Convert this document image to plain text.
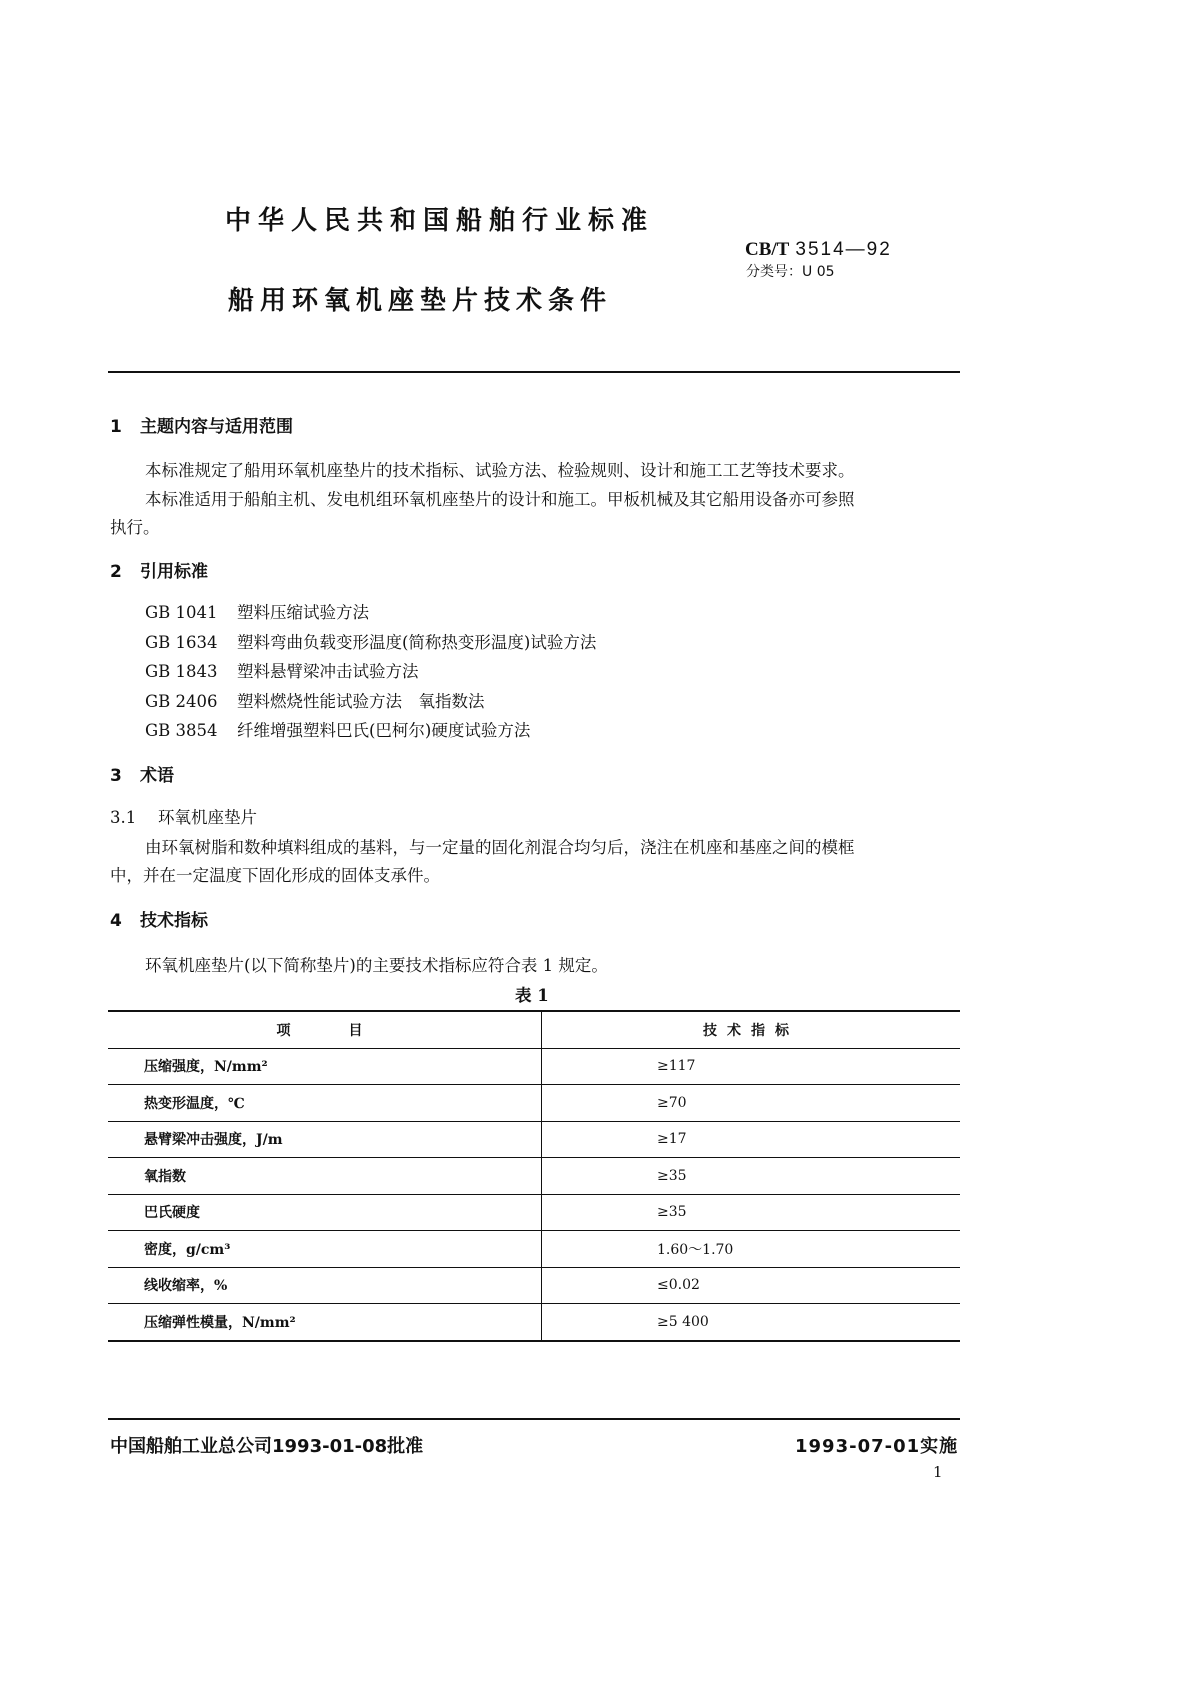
中华人民共和国船舶行业标准
CB/T 3514—92
分类号：U 05
船用环氧机座垫片技术条件
1 主题内容与适用范围
本标准规定了船用环氧机座垫片的技术指标、试验方法、检验规则、设计和施工工艺等技术要求。
本标准适用于船舶主机、发电机组环氧机座垫片的设计和施工。甲板机械及其它船用设备亦可参照
执行。
2 引用标准
GB 1041 塑料压缩试验方法
GB 1634 塑料弯曲负载变形温度(简称热变形温度)试验方法
GB 1843 塑料悬臂梁冲击试验方法
GB 2406 塑料燃烧性能试验方法　氧指数法
GB 3854 纤维增强塑料巴氏(巴柯尔)硬度试验方法
3 术语
3.1 环氧机座垫片
由环氧树脂和数种填料组成的基料，与一定量的固化剂混合均匀后，浇注在机座和基座之间的模框
中，并在一定温度下固化形成的固体支承件。
4 技术指标
环氧机座垫片(以下简称垫片)的主要技术指标应符合表 1 规定。
表 1
项　　目	技术指标
压缩强度，N/mm²	≥117
热变形温度，℃	≥70
悬臂梁冲击强度，J/m	≥17
氧指数	≥35
巴氏硬度	≥35
密度，g/cm³	1.60～1.70
线收缩率，%	≤0.02
压缩弹性模量，N/mm²	≥5 400
中国船舶工业总公司1993-01-08批准	1993-07-01实施
1
